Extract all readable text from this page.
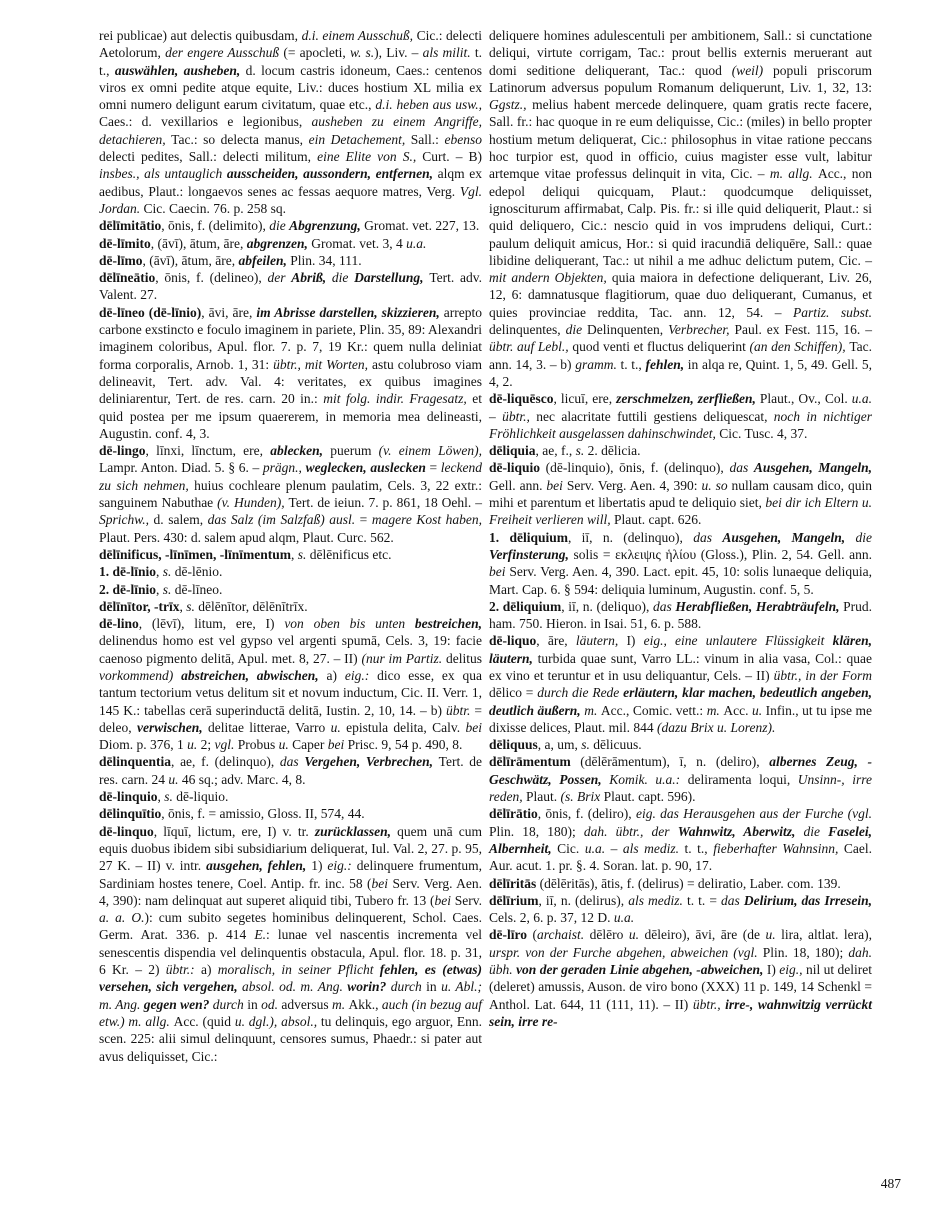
rei publicae) aut delectis quibusdam, d.i. einem Ausschuß, Cic.: delecti Aetolorum, der engere Ausschuß (= apocleti, w. s.), Liv. – als milit. t. t., auswählen, ausheben, d. locum castris idoneum, Caes.: centenos viros ex omni pedite atque equite, Liv.: duces hostium XL milia ex omni numero deligunt earum civitatum, quae etc., d.i. heben aus usw., Caes.: d. vexillarios e legionibus, ausheben zu einem Angriffe, detachieren, Tac.: so delecta manus, ein Detachement, Sall.: ebenso delecti pedites, Sall.: delecti militum, eine Elite von S., Curt. – B) insbes., als untauglich ausscheiden, aussondern, entfernen, alqm ex aedibus, Plaut.: longaevos senes ac fessas aequore matres, Verg. Vgl. Jordan. Cic. Caecin. 76. p. 258 sq.

dēlīmitātio, ōnis, f. (delimito), die Abgrenzung, Gromat. vet. 227, 13.

dē-līmito, (āvī), ātum, āre, abgrenzen, Gromat. vet. 3, 4 u.a.

dē-līmo, (āvī), ātum, āre, abfeilen, Plin. 34, 111.

dēlīneātio, ōnis, f. (delineo), der Abriß, die Darstellung, Tert. adv. Valent. 27.

dē-līneo (dē-līnio), āvi, āre, im Abrisse darstellen, skizzieren, arrepto carbone exstincto e foculo imaginem in pariete, Plin. 35, 89: Alexandri imaginem coloribus, Apul. flor. 7. p. 7, 19 Kr.: quem nulla deliniat forma corporalis, Arnob. 1, 31: übtr., mit Worten, astu colubroso viam delineavit, Tert. adv. Val. 4: veritates, ex quibus imagines deliniarentur, Tert. de res. carn. 20 in.: mit folg. indir. Fragesatz, et quid postea per me ipsum quaererem, in memoria mea delineasti, Augustin. conf. 4, 3.

dē-lingo, līnxi, līnctum, ere, ablecken, puerum (v. einem Löwen), Lampr. Anton. Diad. 5. § 6. – prägn., weglecken, auslecken = leckend zu sich nehmen, huius cochleare plenum paulatim, Cels. 3, 22 extr.: sanguinem Nabuthae (v. Hunden), Tert. de ieiun. 7. p. 861, 18 Oehl. – Sprichw., d. salem, das Salz (im Salzfaß) ausl. = magere Kost haben, Plaut. Pers. 430: d. salem apud alqm, Plaut. Curc. 562.

dēlīnificus, -līnīmen, -līnīmentum, s. dēlēnificus etc.

1. dē-līnio, s. dē-lēnio.

2. dē-līnio, s. dē-līneo.

dēlīnītor, -trīx, s. dēlēnītor, dēlēnītrīx.

dē-lino, (lēvī), litum, ere, I) von oben bis unten bestreichen, delinendus homo est vel gypso vel argenti spumā, Cels. 3, 19: facie caenoso pigmento delitā, Apul. met. 8, 27. – II) (nur im Partiz. delitus vorkommend) abstreichen, abwischen, a) eig.: dico esse, ex qua tantum tectorium vetus delitum sit et novum inductum, Cic. II. Verr. 1, 145 K.: tabellas cerā superinductā delitā, Iustin. 2, 10, 14. – b) übtr. = deleo, verwischen, delitae litterae, Varro u. epistula delita, Calv. bei Diom. p. 376, 1 u. 2; vgl. Probus u. Caper bei Prisc. 9, 54 p. 490, 8.

dēlinquentia, ae, f. (delinquo), das Vergehen, Verbrechen, Tert. de res. carn. 24 u. 46 sq.; adv. Marc. 4, 8.

dē-linquio, s. dē-liquio.

dēlinquītio, ōnis, f. = amissio, Gloss. II, 574, 44.

dē-linquo, līquī, lictum, ere, I) v. tr. zurücklassen, quem unā cum equis duobus ibidem sibi subsidiarium deliquerat, Iul. Val. 2, 27. p. 95, 27 K. – II) v. intr. ausgehen, fehlen, 1) eig.: delinquere frumentum, Sardiniam hostes tenere, Coel. Antip. fr. inc. 58 (bei Serv. Verg. Aen. 4, 390): nam delinquat aut superet aliquid tibi, Tubero fr. 13 (bei Serv. a. a. O.): cum subito segetes hominibus delinquerent, Schol. Caes. Germ. Arat. 336. p. 414 E.: lunae vel nascentis incrementa vel senescentis dispendia vel delinquentis obstacula, Apul. flor. 18. p. 31, 6 Kr. – 2) übtr.: a) moralisch, in seiner Pflicht fehlen, es (etwas) versehen, sich vergehen, absol. od. m. Ang. worin? durch in u. Abl.; m. Ang. gegen wen? durch in od. adversus m. Akk., auch (in bezug auf etw.) m. allg. Acc. (quid u. dgl.), absol., tu delinquis, ego arguor, Enn. scen. 225: alii simul delinquunt, censores sumus, Phaedr.: si pater aut avus deliquisset, Cic.:

deliquere homines adulescentuli per ambitionem, Sall.: si cunctatione deliqui, virtute corrigam, Tac.: prout bellis externis meruerant aut domi seditione deliquerant, Tac.: quod (weil) populi priscorum Latinorum adversus populum Romanum deliquerunt, Liv. 1, 32, 13: Ggstz., melius habent mercede delinquere, quam gratis recte facere, Sall. fr.: hac quoque in re eum deliquisse, Cic.: (miles) in bello propter hostium metum deliquerat, Cic.: philosophus in vitae ratione peccans hoc turpior est, quod in officio, cuius magister esse vult, labitur artemque vitae professus delinquit in vita, Cic. – m. allg. Acc., non edepol deliqui quicquam, Plaut.: quodcumque deliquisset, ignosciturum affirmabat, Calp. Pis. fr.: si ille quid deliquerit, Plaut.: si quid deliquero, Cic.: nescio quid in vos imprudens deliqui, Curt.: paulum deliquit amicus, Hor.: si quid iracundiā deliquēre, Sall.: quae libidine deliquerant, Tac.: ut nihil a me adhuc delictum putem, Cic. – mit andern Objekten, quia maiora in defectione deliquerant, Liv. 26, 12, 6: damnatusque flagitiorum, quae duo deliquerant, Cumanus, et quies provinciae reddita, Tac. ann. 12, 54. – Partiz. subst. delinquentes, die Delinquenten, Verbrecher, Paul. ex Fest. 115, 16. – übtr. auf Lebl., quod venti et fluctus deliquerint (an den Schiffen), Tac. ann. 14, 3. – b) gramm. t. t., fehlen, in alqa re, Quint. 1, 5, 49. Gell. 5, 4, 2.

dē-liquēsco, licuī, ere, zerschmelzen, zerfließen, Plaut., Ov., Col. u.a. – übtr., nec alacritate futtili gestiens deliquescat, noch in nichtiger Fröhlichkeit ausgelassen dahinschwindet, Cic. Tusc. 4, 37.

dēliquia, ae, f., s. 2. dēlicia.

dē-liquio (dē-linquio), ōnis, f. (delinquo), das Ausgehen, Mangeln, Gell. ann. bei Serv. Verg. Aen. 4, 390: u. so nullam causam dico, quin mihi et parentum et libertatis apud te deliquio siet, bei dir ich Eltern u. Freiheit verlieren will, Plaut. capt. 626.

1. dēliquium, iī, n. (delinquo), das Ausgehen, Mangeln, die Verfinsterung, solis = εκλειψις ἡλίου (Gloss.), Plin. 2, 54. Gell. ann. bei Serv. Verg. Aen. 4, 390. Lact. epit. 45, 10: solis lunaeque deliquia, Mart. Cap. 6. § 594: deliquia luminum, Augustin. conf. 5, 5.

2. dēliquium, iī, n. (deliquo), das Herabfließen, Herabträufeln, Prud. ham. 750. Hieron. in Isai. 51, 6. p. 588.

dē-liquo, āre, läutern, I) eig., eine unlautere Flüssigkeit klären, läutern, turbida quae sunt, Varro LL.: vinum in alia vasa, Col.: quae ex vino et teruntur et in usu deliquantur, Cels. – II) übtr., in der Form dēlico = durch die Rede erläutern, klar machen, bedeutlich angeben, deutlich äußern, m. Acc., Comic. vett.: m. Acc. u. Infin., ut tu ipse me dixisse delices, Plaut. mil. 844 (dazu Brix u. Lorenz).

dēliquus, a, um, s. dēlicuus.

dēlīrāmentum (dēlērāmentum), ī, n. (deliro), albernes Zeug, -Geschwätz, Possen, Komik. u.a.: deliramenta loqui, Unsinn-, irre reden, Plaut. (s. Brix Plaut. capt. 596).

dēlīrātio, ōnis, f. (deliro), eig. das Herausgehen aus der Furche (vgl. Plin. 18, 180); dah. übtr., der Wahnwitz, Aberwitz, die Faselei, Albernheit, Cic. u.a. – als mediz. t. t., fieberhafter Wahnsinn, Cael. Aur. acut. 1. pr. §. 4. Soran. lat. p. 90, 17.

dēlīritās (dēlēritās), ātis, f. (delirus) = deliratio, Laber. com. 139.

dēlīrium, iī, n. (delirus), als mediz. t. t. = das Delirium, das Irresein, Cels. 2, 6. p. 37, 12 D. u.a.

dē-līro (archaist. dēlēro u. dēleiro), āvi, āre (de u. lira, altlat. lera), urspr. von der Furche abgehen, abweichen (vgl. Plin. 18, 180); dah. übh. von der geraden Linie abgehen, -abweichen, I) eig., nil ut deliret (deleret) amussis, Auson. de viro bono (XXX) 11 p. 149, 14 Schenkl = Anthol. Lat. 644, 11 (111, 11). – II) übtr., irre-, wahnwitzig verrückt sein, irre re-

487
